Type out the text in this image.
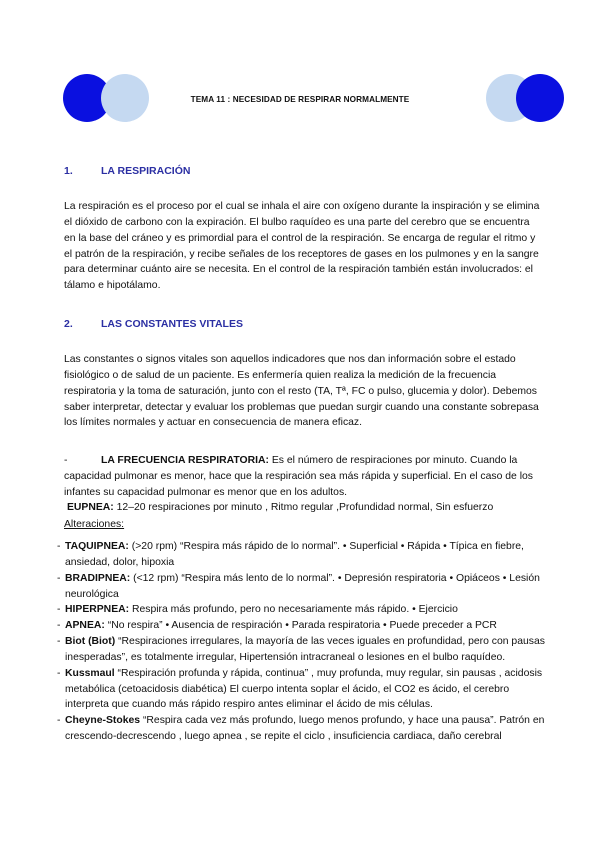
TEMA 11 : NECESIDAD DE RESPIRAR NORMALMENTE
1.	LA RESPIRACIÓN

La respiración es el proceso por el cual se inhala el aire con oxígeno durante la inspiración y se elimina el dióxido de carbono con la expiración. El bulbo raquídeo es una parte del cerebro que se encuentra en la base del cráneo y es primordial para el control de la respiración. Se encarga de regular el ritmo y el patrón de la respiración, y recibe señales de los receptores de gases en los pulmones y en la sangre para determinar cuánto aire se necesita. En el control de la respiración también están involucrados: el tálamo e hipotálamo.

2.	LAS CONSTANTES VITALES

Las constantes o signos vitales son aquellos indicadores que nos dan información sobre el estado fisiológico o de salud de un paciente. Es enfermería quien realiza la medición de la frecuencia respiratoria y la toma de saturación, junto con el resto (TA, Tª, FC o pulso, glucemia y dolor). Debemos saber interpretar, detectar y evaluar los problemas que puedan surgir cuando una constante sobrepasa los límites normales y actuar en consecuencia de manera eficaz.

-	LA FRECUENCIA RESPIRATORIA: Es el número de respiraciones por minuto. Cuando la capacidad pulmonar es menor, hace que la respiración sea más rápida y superficial. En el caso de los infantes su capacidad pulmonar es menor que en los adultos.

EUPNEA: 12–20 respiraciones por minuto , Ritmo regular ,Profundidad normal, Sin esfuerzo
Alteraciones:
- TAQUIPNEA: (>20 rpm) “Respira más rápido de lo normal”. • Superficial • Rápida • Típica en fiebre, ansiedad, dolor, hipoxia
- BRADIPNEA: (<12 rpm) “Respira más lento de lo normal”. • Depresión respiratoria • Opiáceos • Lesión neurológica
- HIPERPNEA: Respira más profundo, pero no necesariamente más rápido. • Ejercicio
- APNEA: “No respira” • Ausencia de respiración • Parada respiratoria • Puede preceder a PCR
- Biot (Biot) “Respiraciones irregulares, la mayoría de las veces iguales en profundidad, pero con pausas inesperadas”, es totalmente irregular, Hipertensión intracraneal o lesiones en el bulbo raquídeo.
- Kussmaul “Respiración profunda y rápida, continua” , muy profunda, muy regular, sin pausas , acidosis metabólica (cetoacidosis diabética) El cuerpo intenta soplar el ácido, el CO2 es ácido, el cerebro interpreta que cuando más rápido respiro antes eliminar el ácido de mis células.
- Cheyne-Stokes “Respira cada vez más profundo, luego menos profundo, y hace una pausa”. Patrón en crescendo-decrescendo , luego apnea , se repite el ciclo , insuficiencia cardiaca, daño cerebral
